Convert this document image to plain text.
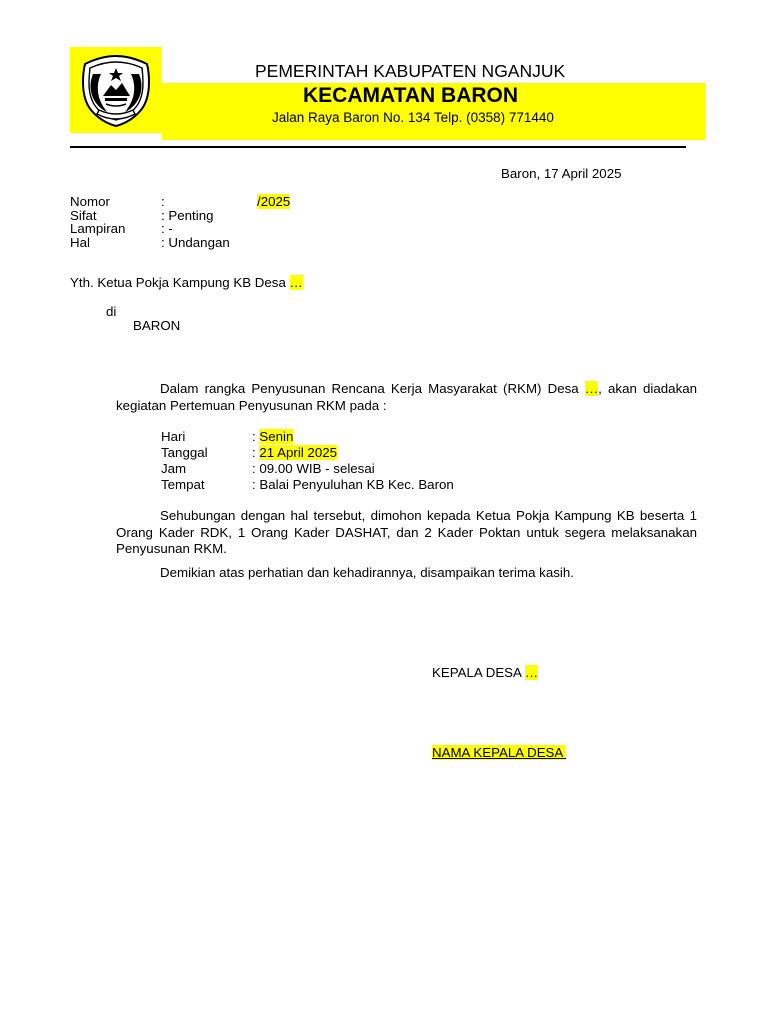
PEMERINTAH KABUPATEN NGANJUK
KECAMATAN BARON
Jalan Raya Baron No. 134 Telp. (0358) 771440
Baron, 17 April 2025
Nomor	:	/2025
Sifat	: Penting
Lampiran	: -
Hal	: Undangan
Yth. Ketua Pokja Kampung KB Desa …
di
BARON
Dalam rangka Penyusunan Rencana Kerja Masyarakat (RKM) Desa …, akan diadakan kegiatan Pertemuan Penyusunan RKM pada :
Hari	: Senin
Tanggal	: 21 April 2025
Jam	: 09.00 WIB - selesai
Tempat	: Balai Penyuluhan KB Kec. Baron
Sehubungan dengan hal tersebut, dimohon kepada Ketua Pokja Kampung KB beserta 1 Orang Kader RDK, 1 Orang Kader DASHAT, dan 2 Kader Poktan untuk segera melaksanakan Penyusunan RKM.
Demikian atas perhatian dan kehadirannya, disampaikan terima kasih.
KEPALA DESA …
NAMA KEPALA DESA
